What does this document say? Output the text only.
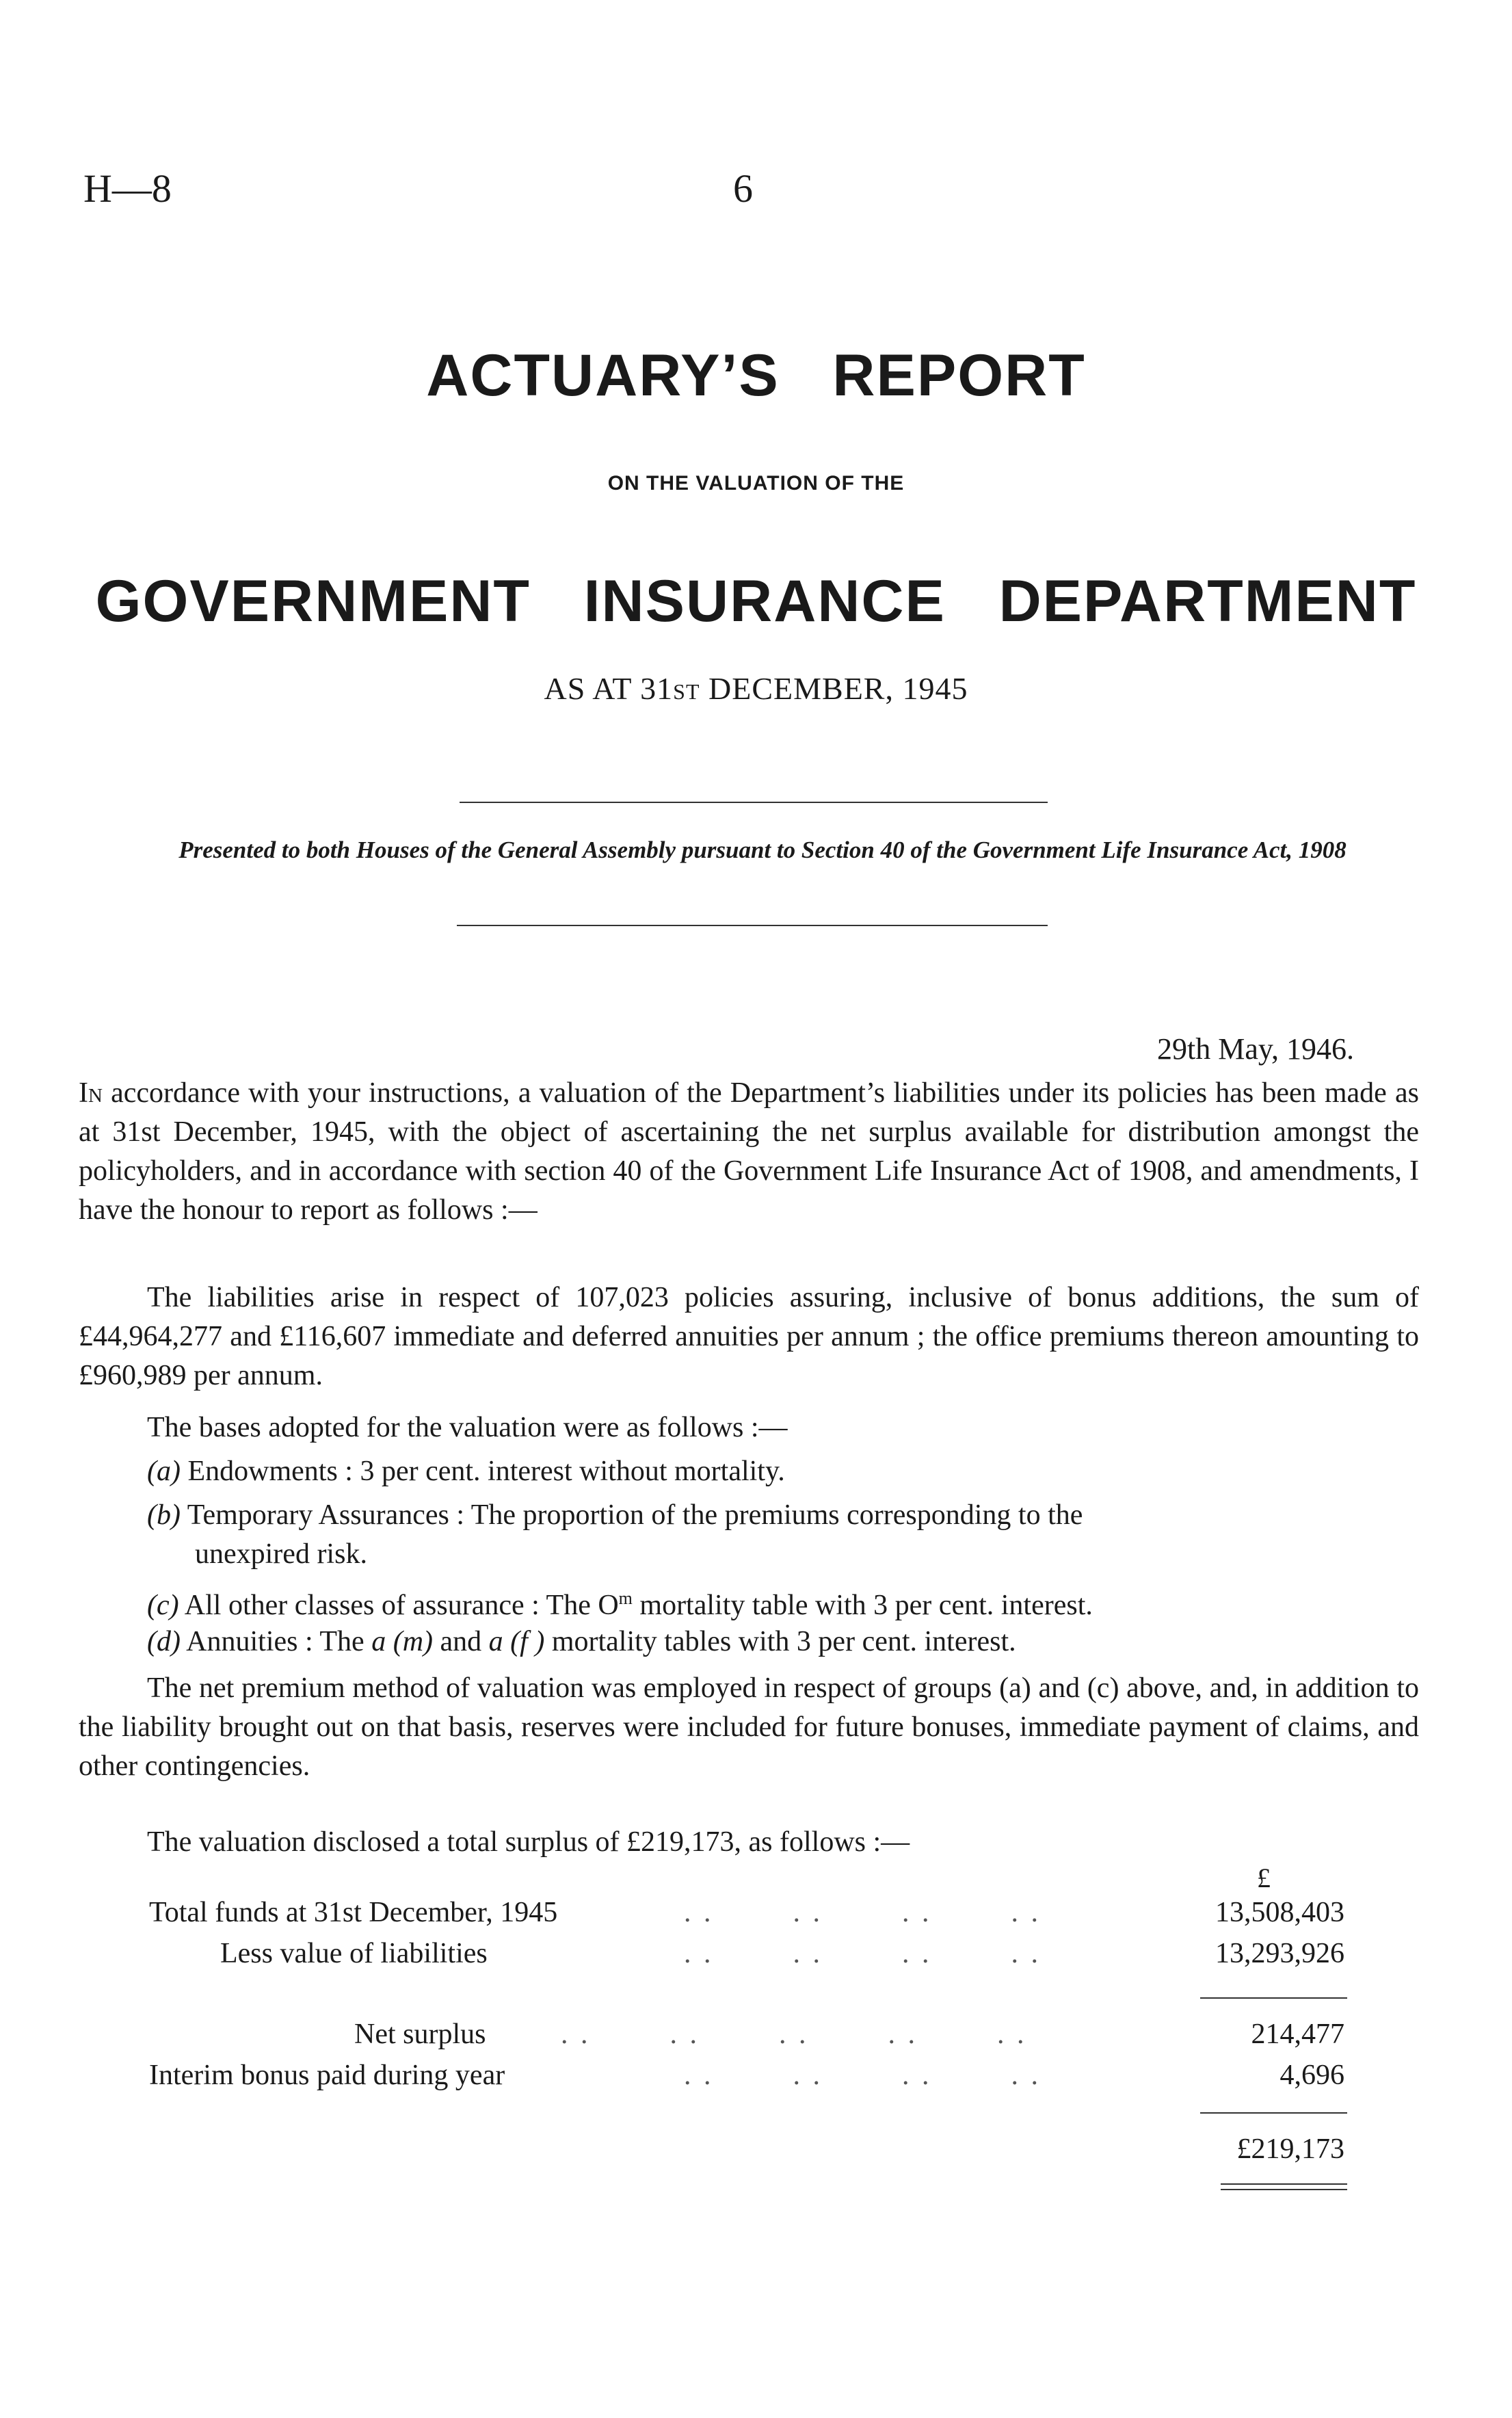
H—8	6
ACTUARY’S   REPORT
ON THE VALUATION OF THE
GOVERNMENT   INSURANCE   DEPARTMENT
AS AT 31ST DECEMBER, 1945
Presented to both Houses of the General Assembly pursuant to Section 40 of the Government Life Insurance Act, 1908
29th May, 1946.
In accordance with your instructions, a valuation of the Department’s liabilities under its policies has been made as at 31st December, 1945, with the object of ascertaining the net surplus available for distribution amongst the policyholders, and in accordance with section 40 of the Government Life Insurance Act of 1908, and amendments, I have the honour to report as follows :—
The liabilities arise in respect of 107,023 policies assuring, inclusive of bonus additions, the sum of £44,964,277 and £116,607 immediate and deferred annuities per annum ; the office premiums thereon amounting to £960,989 per annum.
The bases adopted for the valuation were as follows :—
(a) Endowments : 3 per cent. interest without mortality.
(b) Temporary Assurances : The proportion of the premiums corresponding to the
unexpired risk.
(c) All other classes of assurance : The $O^m$ mortality table with 3 per cent. interest.
(d) Annuities : The a (m) and a (f ) mortality tables with 3 per cent. interest.
The net premium method of valuation was employed in respect of groups (a) and (c) above, and, in addition to the liability brought out on that basis, reserves were included for future bonuses, immediate payment of claims, and other contingencies.
The valuation disclosed a total surplus of £219,173, as follows :—
£
Total funds at 31st December, 1945	. .        . .        . .        . .	13,508,403
Less value of liabilities	. .        . .        . .        . .	13,293,926
Net surplus	. .        . .        . .        . .        . .	214,477
Interim bonus paid during year	. .        . .        . .        . .	4,696
£219,173
